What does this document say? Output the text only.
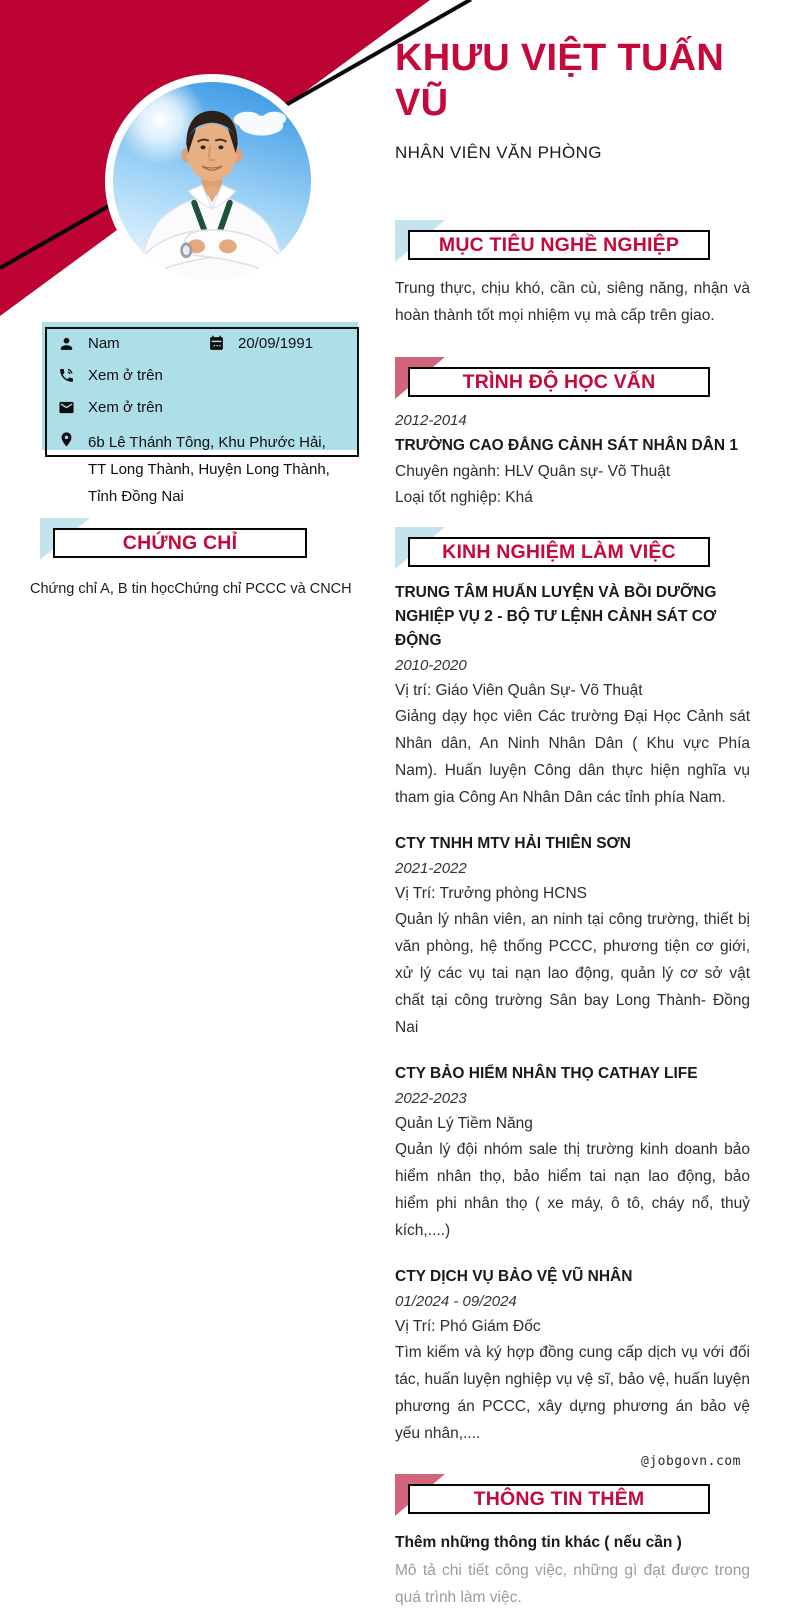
Nam	20/09/1991
Xem ở trên
Xem ở trên
6b Lê Thánh Tông, Khu Phước Hải, TT Long Thành, Huyện Long Thành, Tỉnh Đồng Nai
CHỨNG CHỈ
Chứng chỉ A, B tin họcChứng chỉ PCCC và CNCH
KHƯU VIỆT TUẤN
VŨ
NHÂN VIÊN VĂN PHÒNG
MỤC TIÊU NGHỀ NGHIỆP
Trung thực, chịu khó, cần cù, siêng năng, nhận và hoàn thành tốt mọi nhiệm vụ mà cấp trên giao.
TRÌNH ĐỘ HỌC VẤN
2012-2014
TRƯỜNG CAO ĐẲNG CẢNH SÁT NHÂN DÂN 1
Chuyên ngành: HLV Quân sự- Võ Thuật
Loại tốt nghiệp: Khá
KINH NGHIỆM LÀM VIỆC
TRUNG TÂM HUẤN LUYỆN VÀ BỒI DƯỠNG NGHIỆP VỤ 2 - BỘ TƯ LỆNH CẢNH SÁT CƠ ĐỘNG
2010-2020
Vị trí: Giáo Viên Quân Sự- Võ Thuật
Giảng dạy học viên Các trường Đại Học Cảnh sát Nhân dân, An Ninh Nhân Dân ( Khu vực Phía Nam). Huấn luyện Công dân thực hiện nghĩa vụ tham gia Công An Nhân Dân các tỉnh phía Nam.
CTY TNHH MTV HẢI THIÊN SƠN
2021-2022
Vị Trí: Trưởng phòng HCNS
Quản lý nhân viên, an ninh tại công trường, thiết bị văn phòng, hệ thống PCCC, phương tiện cơ giới, xử lý các vụ tai nạn lao động, quản lý cơ sở vật chất tại công trường Sân bay Long Thành- Đồng Nai
CTY BẢO HIỂM NHÂN THỌ CATHAY LIFE
2022-2023
Quản Lý Tiềm Năng
Quản lý đội nhóm sale thị trường kinh doanh bảo hiểm nhân thọ, bảo hiểm tai nạn lao động, bảo hiểm phi nhân thọ ( xe máy, ô tô, cháy nổ, thuỷ kích,....)
CTY DỊCH VỤ BẢO VỆ VŨ NHÂN
01/2024 - 09/2024
Vị Trí: Phó Giám Đốc
Tìm kiếm và ký hợp đồng cung cấp dịch vụ với đối tác, huấn luyện nghiệp vụ vệ sĩ, bảo vệ, huấn luyện phương án PCCC, xây dựng phương án bảo vệ yếu nhân,....
THÔNG TIN THÊM
Thêm những thông tin khác ( nếu cần )
Mô tả chi tiết công việc, những gì đạt được trong quá trình làm việc.
@jobgovn.com
